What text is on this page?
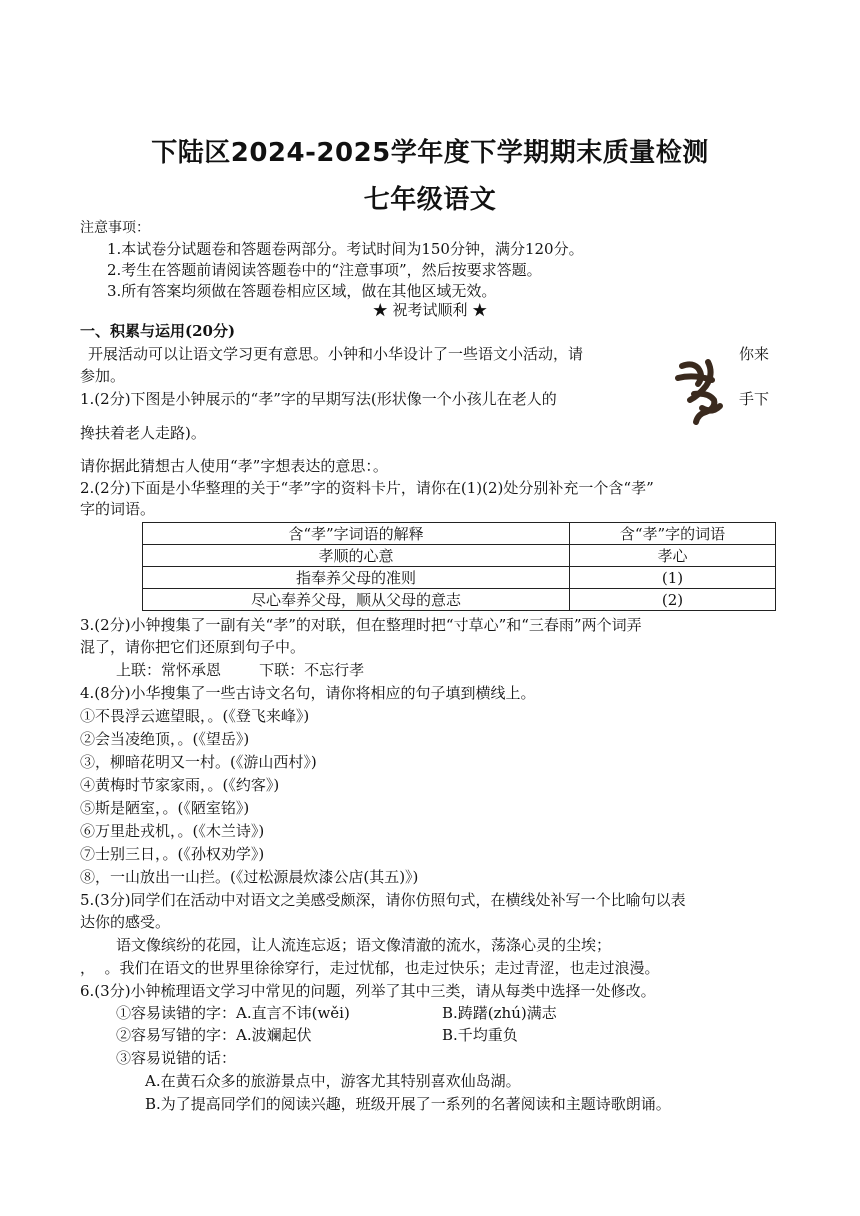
下陆区2024-2025学年度下学期期末质量检测
七年级语文
注意事项：
1.本试卷分试题卷和答题卷两部分。考试时间为150分钟，满分120分。
2.考生在答题前请阅读答题卷中的“注意事项”，然后按要求答题。
3.所有答案均须做在答题卷相应区域，做在其他区域无效。
★ 祝考试顺利 ★
一、积累与运用(20分)
开展活动可以让语文学习更有意思。小钟和小华设计了一些语文小活动，请	你来
参加。
1.(2分)下图是小钟展示的“孝”字的早期写法(形状像一个小孩儿在老人的	手下
搀扶着老人走路)。
请你据此猜想古人使用“孝”字想表达的意思：。
2.(2分)下面是小华整理的关于“孝”字的资料卡片，请你在(1)(2)处分别补充一个含“孝”
字的词语。
含“孝”字词语的解释	含“孝”字的词语
孝顺的心意	孝心
指奉养父母的准则	(1)
尽心奉养父母，顺从父母的意志	(2)
3.(2分)小钟搜集了一副有关“孝”的对联，但在整理时把“寸草心”和“三春雨”两个词弄
混了，请你把它们还原到句子中。
上联：常怀承恩        下联：不忘行孝
4.(8分)小华搜集了一些古诗文名句，请你将相应的句子填到横线上。
①不畏浮云遮望眼，。(《登飞来峰》)
②会当凌绝顶，。(《望岳》)
③，柳暗花明又一村。(《游山西村》)
④黄梅时节家家雨，。(《约客》)
⑤斯是陋室，。(《陋室铭》)
⑥万里赴戎机，。(《木兰诗》)
⑦士别三日，。(《孙权劝学》)
⑧，一山放出一山拦。(《过松源晨炊漆公店(其五)》)
5.(3分)同学们在活动中对语文之美感受颇深，请你仿照句式，在横线处补写一个比喻句以表
达你的感受。
语文像缤纷的花园，让人流连忘返；语文像清澈的流水，荡涤心灵的尘埃；
，  。我们在语文的世界里徐徐穿行，走过忧郁，也走过快乐；走过青涩，也走过浪漫。
6.(3分)小钟梳理语文学习中常见的问题，列举了其中三类，请从每类中选择一处修改。
①容易读错的字：A.直言不讳(wěi)	B.踌躇(zhú)满志
②容易写错的字：A.波斓起伏	B.千均重负
③容易说错的话：
A.在黄石众多的旅游景点中，游客尤其特别喜欢仙岛湖。
B.为了提高同学们的阅读兴趣，班级开展了一系列的名著阅读和主题诗歌朗诵。
